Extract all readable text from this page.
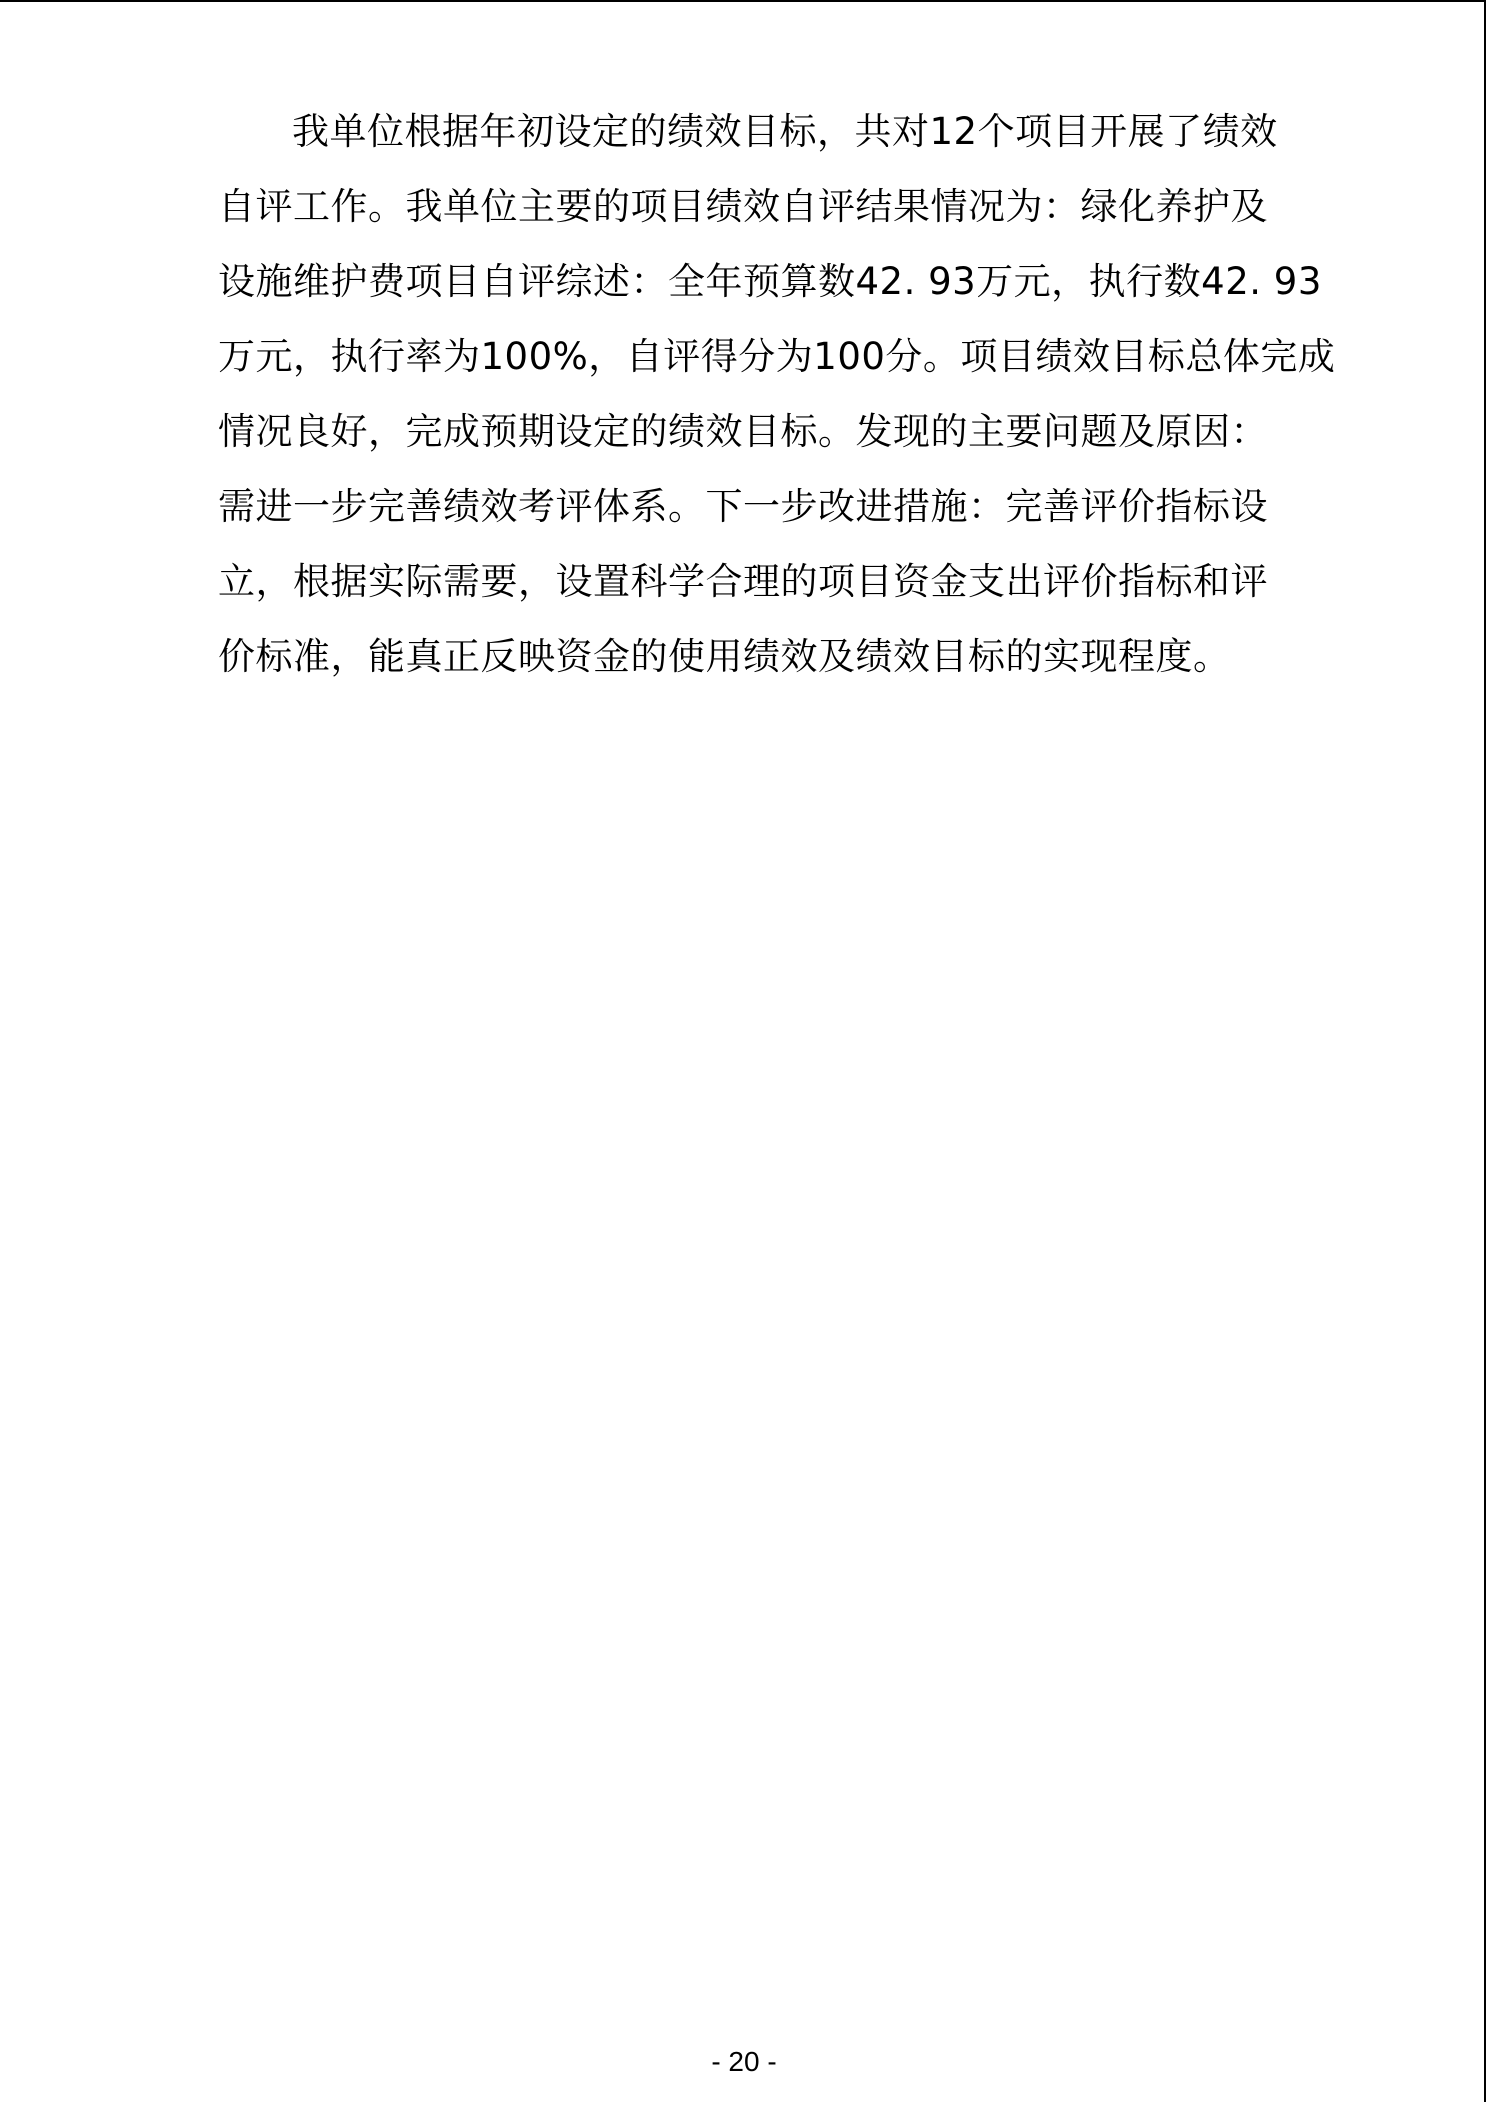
我单位根据年初设定的绩效目标，共对12个项目开展了绩效
自评工作。我单位主要的项目绩效自评结果情况为：绿化养护及
设施维护费项目自评综述：全年预算数42. 93万元，执行数42. 93
万元，执行率为100%，自评得分为100分。项目绩效目标总体完成
情况良好，完成预期设定的绩效目标。发现的主要问题及原因：
需进一步完善绩效考评体系。下一步改进措施：完善评价指标设
立，根据实际需要，设置科学合理的项目资金支出评价指标和评
价标准，能真正反映资金的使用绩效及绩效目标的实现程度。
- 20 -
